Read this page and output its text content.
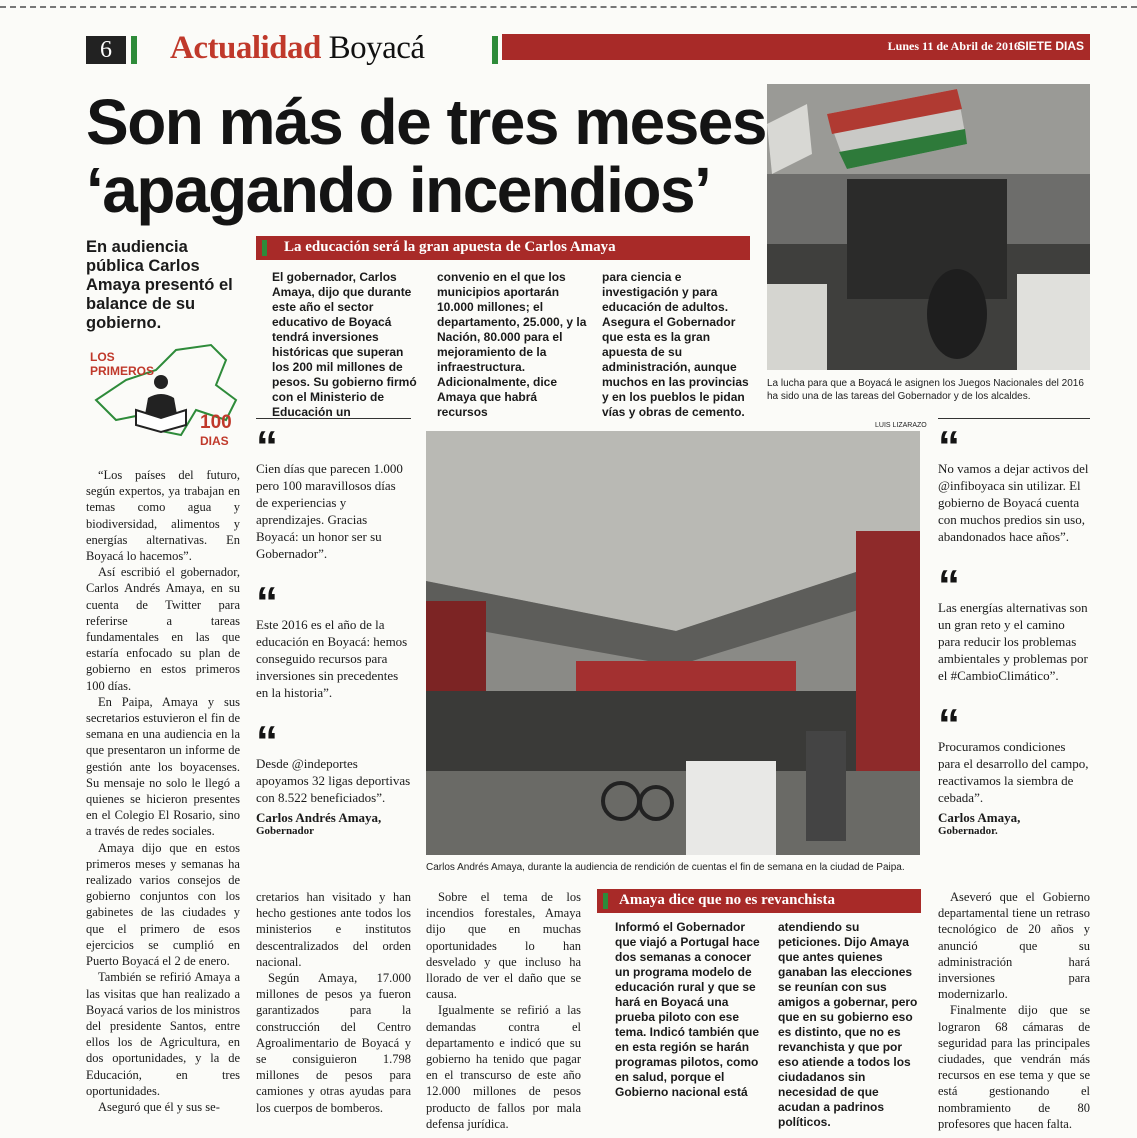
6	Actualidad Boyacá	Lunes 11 de Abril de 2016
SIETE DIAS
Son más de tres meses ‘apagando incendios’
En audiencia pública Carlos Amaya presentó el balance de su gobierno.
LOS
PRIMEROS
100
DIAS
La educación será la gran apuesta de Carlos Amaya
El gobernador, Carlos Amaya, dijo que durante este año el sector educativo de Boyacá tendrá inversiones históricas que superan los 200 mil millones de pesos. Su gobierno firmó con el Ministerio de Educación un
convenio en el que los municipios aportarán 10.000 millones; el departamento, 25.000, y la Nación, 80.000 para el mejoramiento de la infraestructura. Adicionalmente, dice Amaya que habrá recursos
para ciencia e investigación y para educación de adultos. Asegura el Gobernador que esta es la gran apuesta de su administración, aunque muchos en las provincias y en los pueblos le pidan vías y obras de cemento.
La lucha para que a Boyacá le asignen los Juegos Nacionales del 2016 ha sido una de las tareas del Gobernador y de los alcaldes.
LUIS LIZARAZO
“
Cien días que parecen 1.000 pero 100 maravillosos días de experiencias y aprendizajes. Gracias Boyacá: un honor ser su Gobernador”.
“
Este 2016 es el año de la educación en Boyacá: hemos conseguido recursos para inversiones sin precedentes en la historia”.
“
Desde @indeportes apoyamos 32 ligas deportivas con 8.522 beneficiados”.
Carlos Andrés Amaya,
Gobernador
Carlos Andrés Amaya, durante la audiencia de rendición de cuentas el fin de semana en la ciudad de Paipa.
“
No vamos a dejar activos del @infiboyaca sin utilizar. El gobierno de Boyacá cuenta con muchos predios sin uso, abandonados hace años”.
“
Las energías alternativas son un gran reto y el camino para reducir los problemas ambientales y problemas por el #CambioClimático”.
“
Procuramos condiciones para el desarrollo del campo, reactivamos la siembra de cebada”.
Carlos Amaya,
Gobernador.

“Los países del futuro, según expertos, ya trabajan en temas como agua y biodiversidad, alimentos y energías alternativas. En Boyacá lo hacemos”.

Así escribió el gobernador, Carlos Andrés Amaya, en su cuenta de Twitter para referirse a tareas fundamentales en las que estaría enfocado su plan de gobierno en estos primeros 100 días.

En Paipa, Amaya y sus secretarios estuvieron el fin de semana en una audiencia en la que presentaron un informe de gestión ante los boyacenses. Su mensaje no solo le llegó a quienes se hicieron presentes en el Colegio El Rosario, sino a través de redes sociales.

Amaya dijo que en estos primeros meses y semanas ha realizado varios consejos de gobierno conjuntos con los gabinetes de las ciudades y que el primero de esos ejercicios se cumplió en Puerto Boyacá el 2 de enero.

También se refirió Amaya a las visitas que han realizado a Boyacá varios de los ministros del presidente Santos, entre ellos los de Agricultura, en dos oportunidades, y la de Educación, en tres oportunidades.

Aseguró que él y sus se-

cretarios han visitado y han hecho gestiones ante todos los ministerios e institutos descentralizados del orden nacional.

Según Amaya, 17.000 millones de pesos ya fueron garantizados para la construcción del Centro Agroalimentario de Boyacá y se consiguieron 1.798 millones de pesos para camiones y otras ayudas para los cuerpos de bomberos.

Sobre el tema de los incendios forestales, Amaya dijo que en muchas oportunidades lo han desvelado y que incluso ha llorado de ver el daño que se causa.

Igualmente se refirió a las demandas contra el departamento e indicó que su gobierno ha tenido que pagar en el transcurso de este año 12.000 millones de pesos producto de fallos por mala defensa jurídica.

Amaya dice que no es revanchista
Informó el Gobernador que viajó a Portugal hace dos semanas a conocer un programa modelo de educación rural y que se hará en Boyacá una prueba piloto con ese tema. Indicó también que en esta región se harán programas pilotos, como en salud, porque el Gobierno nacional está
atendiendo su peticiones. Dijo Amaya que antes quienes ganaban las elecciones se reunían con sus amigos a gobernar, pero que en su gobierno eso es distinto, que no es revanchista y que por eso atiende a todos los ciudadanos sin necesidad de que acudan a padrinos políticos.

Aseveró que el Gobierno departamental tiene un retraso tecnológico de 20 años y anunció que su administración hará inversiones para modernizarlo.

Finalmente dijo que se lograron 68 cámaras de seguridad para las principales ciudades, que vendrán más recursos en ese tema y que se está gestionando el nombramiento de 80 profesores que hacen falta.
